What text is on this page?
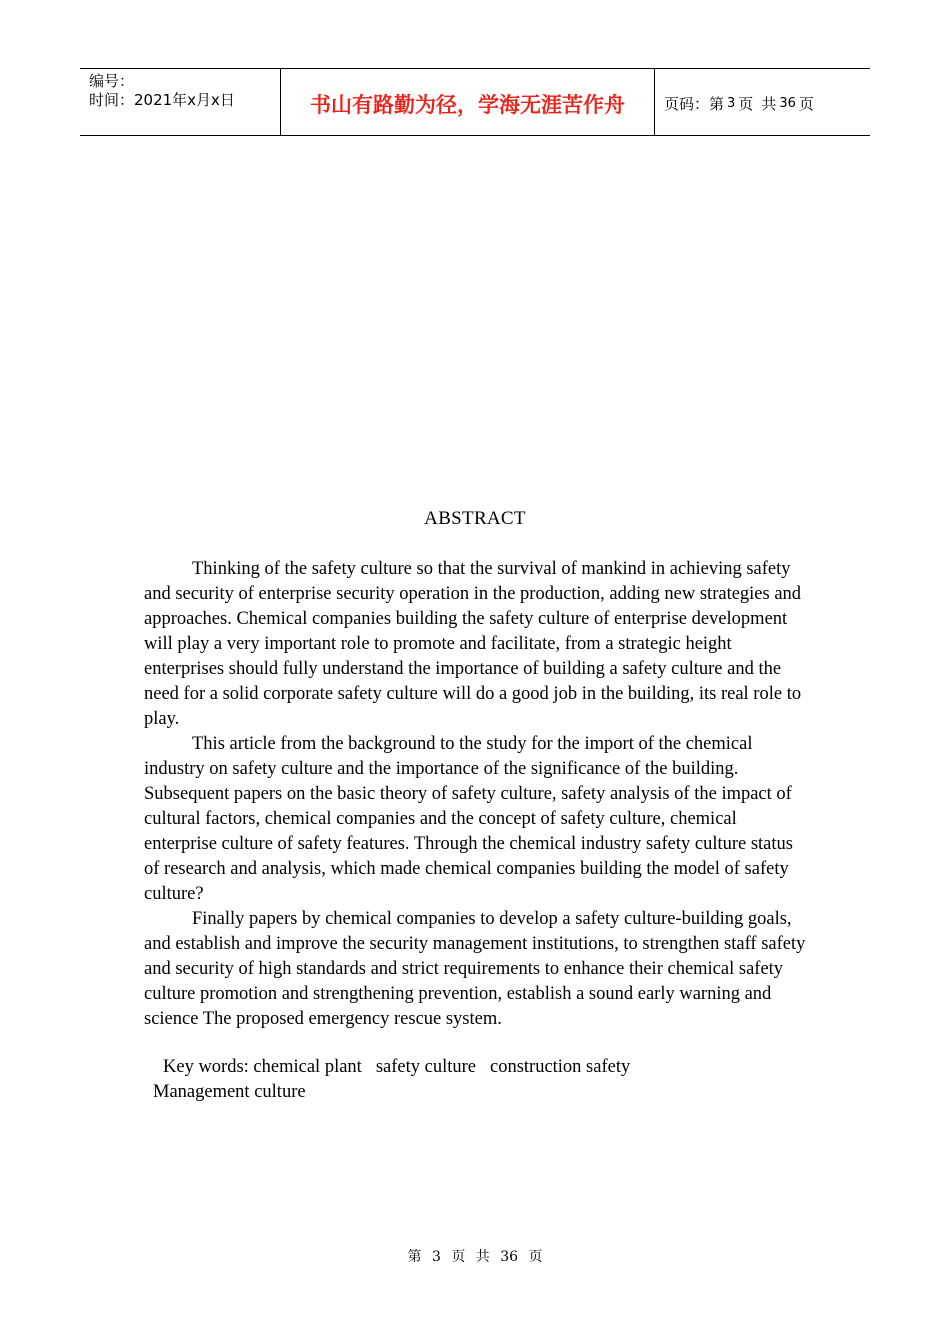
编号：
时间：2021年x月x日	书山有路勤为径，学海无涯苦作舟	页码：第 3 页 共 36 页
ABSTRACT

Thinking of the safety culture so that the survival of mankind in achieving safety and security of enterprise security operation in the production, adding new strategies and approaches. Chemical companies building the safety culture of enterprise development will play a very important role to promote and facilitate, from a strategic height enterprises should fully understand the importance of building a safety culture and the need for a solid corporate safety culture will do a good job in the building, its real role to play.

This article from the background to the study for the import of the chemical industry on safety culture and the importance of the significance of the building. Subsequent papers on the basic theory of safety culture, safety analysis of the impact of cultural factors, chemical companies and the concept of safety culture, chemical enterprise culture of safety features. Through the chemical industry safety culture status of research and analysis, which made chemical companies building the model of safety culture?

Finally papers by chemical companies to develop a safety culture-building goals, and establish and improve the security management institutions, to strengthen staff safety and security of high standards and strict requirements to enhance their chemical safety culture promotion and strengthening prevention, establish a sound early warning and science The proposed emergency rescue system.

Key words: chemical plant safety culture construction safety
Management culture
第 3 页 共 36 页
